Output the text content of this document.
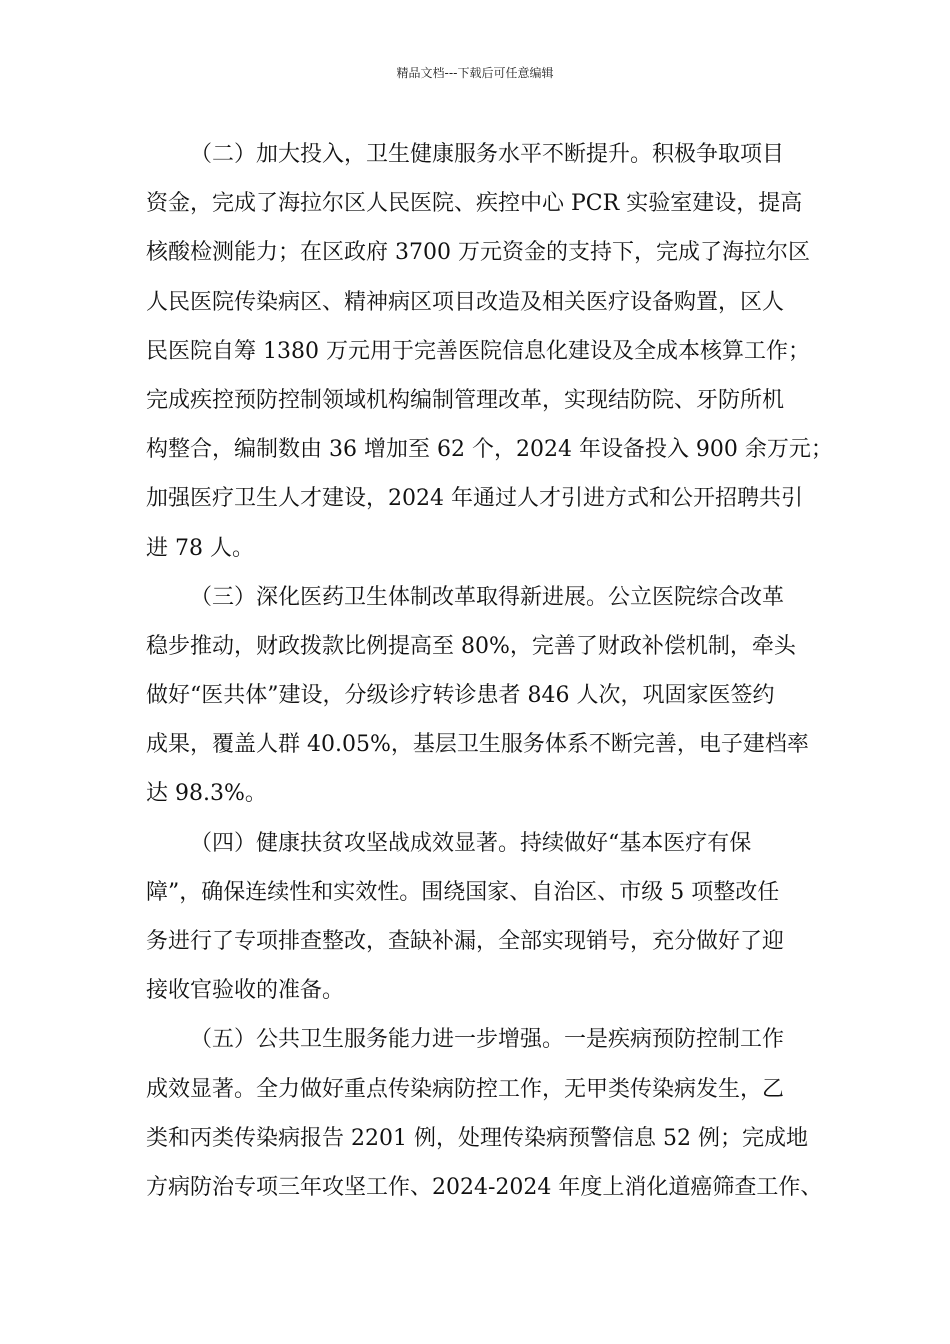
精品文档---下载后可任意编辑
（二）加大投入，卫生健康服务水平不断提升。积极争取项目
资金，完成了海拉尔区人民医院、疾控中心 PCR 实验室建设，提高
核酸检测能力；在区政府 3700 万元资金的支持下，完成了海拉尔区
人民医院传染病区、精神病区项目改造及相关医疗设备购置，区人
民医院自筹 1380 万元用于完善医院信息化建设及全成本核算工作；
完成疾控预防控制领域机构编制管理改革，实现结防院、牙防所机
构整合，编制数由 36 增加至 62 个，2024 年设备投入 900 余万元；
加强医疗卫生人才建设，2024 年通过人才引进方式和公开招聘共引
进 78 人。
（三）深化医药卫生体制改革取得新进展。公立医院综合改革
稳步推动，财政拨款比例提高至 80%，完善了财政补偿机制，牵头
做好“医共体”建设，分级诊疗转诊患者 846 人次，巩固家医签约
成果，覆盖人群 40.05%，基层卫生服务体系不断完善，电子建档率
达 98.3%。
（四）健康扶贫攻坚战成效显著。持续做好“基本医疗有保
障”，确保连续性和实效性。围绕国家、自治区、市级 5 项整改任
务进行了专项排查整改，查缺补漏，全部实现销号，充分做好了迎
接收官验收的准备。
（五）公共卫生服务能力进一步增强。一是疾病预防控制工作
成效显著。全力做好重点传染病防控工作，无甲类传染病发生，乙
类和丙类传染病报告 2201 例，处理传染病预警信息 52 例；完成地
方病防治专项三年攻坚工作、2024-2024 年度上消化道癌筛查工作、
